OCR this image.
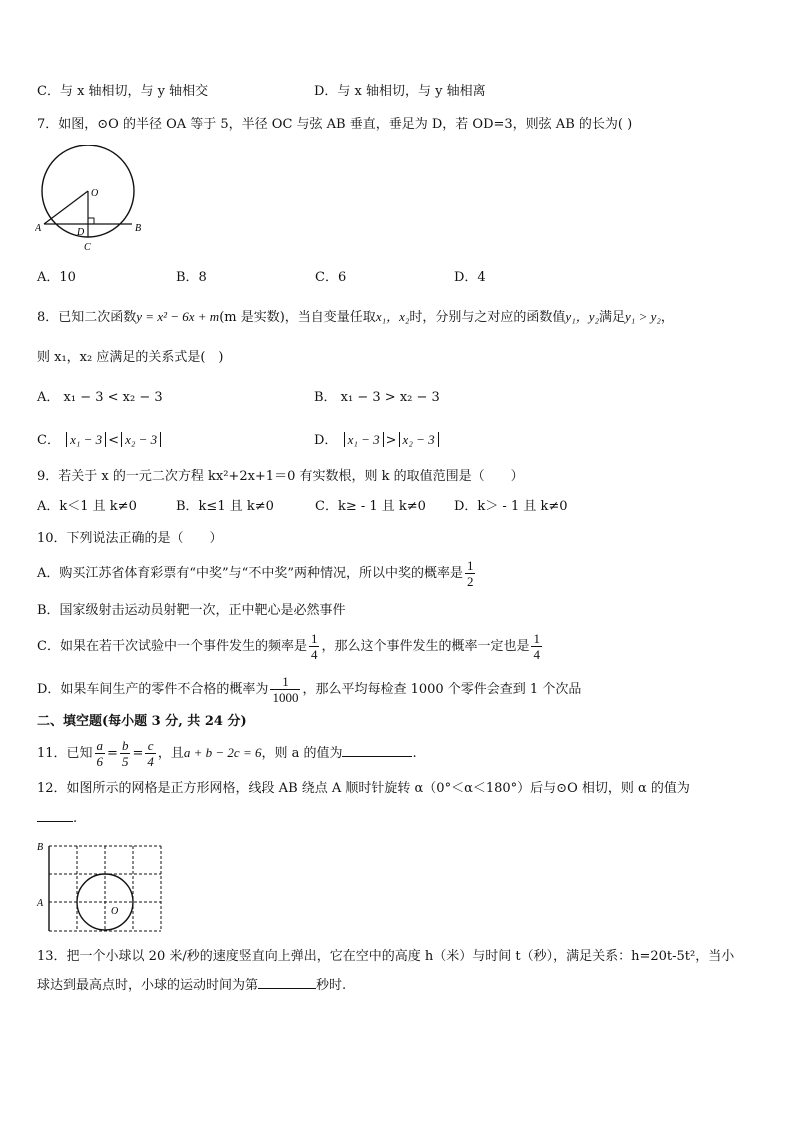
C．与 x 轴相切，与 y 轴相交	D．与 x 轴相切，与 y 轴相离
7．如图，⊙O 的半径 OA 等于 5，半径 OC 与弦 AB 垂直，垂足为 D，若 OD=3，则弦 AB 的长为( )
O
A	B
D
C
A．10	B．8	C．6	D．4
8．已知二次函数y = x² − 6x + m(m 是实数)，当自变量任取x₁，x₂时，分别与之对应的函数值y₁，y₂满足y₁ > y₂，
则 x₁，x₂ 应满足的关系式是(　)
A． x₁ − 3 < x₂ − 3	B． x₁ − 3 > x₂ − 3
C． x₁ − 3 < x₂ − 3	D． x₁ − 3 > x₂ − 3
9．若关于 x 的一元二次方程 kx²+2x+1＝0 有实数根，则 k 的取值范围是（　　）
A．k＜1 且 k≠0	B．k≤1 且 k≠0	C．k≥ - 1 且 k≠0 D．k＞ - 1 且 k≠0
10．下列说法正确的是（　　）
A．购买江苏省体育彩票有“中奖”与“不中奖”两种情况，所以中奖的概率是 $\frac{1}{2}$
B．国家级射击运动员射靶一次，正中靶心是必然事件
C．如果在若干次试验中一个事件发生的频率是 $\frac{1}{4}$ ，那么这个事件发生的概率一定也是 $\frac{1}{4}$
D．如果车间生产的零件不合格的概率为 $\frac{1}{1000}$ ，那么平均每检查 1000 个零件会查到 1 个次品
二、填空题(每小题 3 分, 共 24 分)
11．已知 $\frac{a}{6} = \frac{b}{5} = \frac{c}{4}$ ，且a + b − 2c = 6，则 a 的值为	.
12．如图所示的网格是正方形网格，线段 AB 绕点 A 顺时针旋转 α（0°＜α＜180°）后与⊙O 相切，则 α 的值为
.
B
A
O
13．把一个小球以 20 米/秒的速度竖直向上弹出，它在空中的高度 h（米）与时间 t（秒），满足关系：h=20t-5t²，当小
球达到最高点时，小球的运动时间为第	秒时.
